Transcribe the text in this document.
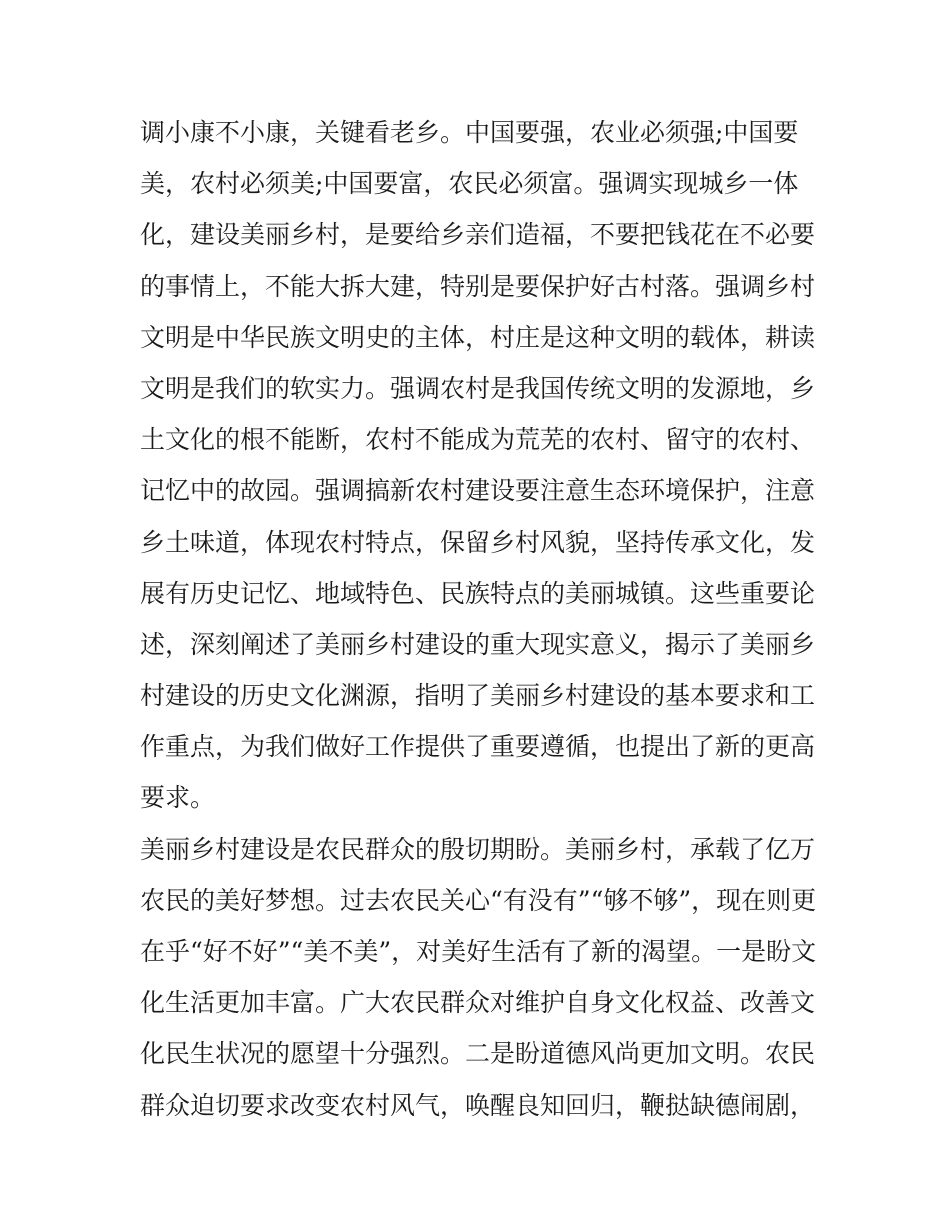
调小康不小康，关键看老乡。中国要强，农业必须强;中国要
美，农村必须美;中国要富，农民必须富。强调实现城乡一体
化，建设美丽乡村，是要给乡亲们造福，不要把钱花在不必要
的事情上，不能大拆大建，特别是要保护好古村落。强调乡村
文明是中华民族文明史的主体，村庄是这种文明的载体，耕读
文明是我们的软实力。强调农村是我国传统文明的发源地，乡
土文化的根不能断，农村不能成为荒芜的农村、留守的农村、
记忆中的故园。强调搞新农村建设要注意生态环境保护，注意
乡土味道，体现农村特点，保留乡村风貌，坚持传承文化，发
展有历史记忆、地域特色、民族特点的美丽城镇。这些重要论
述，深刻阐述了美丽乡村建设的重大现实意义，揭示了美丽乡
村建设的历史文化渊源，指明了美丽乡村建设的基本要求和工
作重点，为我们做好工作提供了重要遵循，也提出了新的更高
要求。
美丽乡村建设是农民群众的殷切期盼。美丽乡村，承载了亿万
农民的美好梦想。过去农民关心“有没有”“够不够”，现在则更
在乎“好不好”“美不美”，对美好生活有了新的渴望。一是盼文
化生活更加丰富。广大农民群众对维护自身文化权益、改善文
化民生状况的愿望十分强烈。二是盼道德风尚更加文明。农民
群众迫切要求改变农村风气，唤醒良知回归，鞭挞缺德闹剧，
